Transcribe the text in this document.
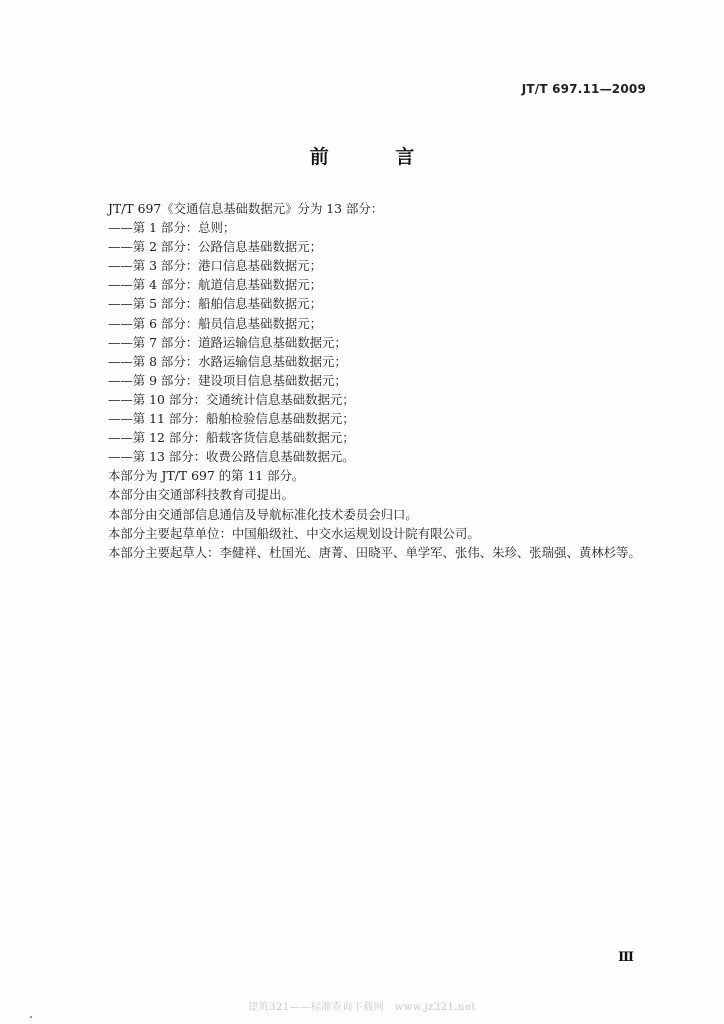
JT/T 697.11—2009
前 言

JT/T 697《交通信息基础数据元》分为 13 部分：

——第 1 部分：总则；

——第 2 部分：公路信息基础数据元；

——第 3 部分：港口信息基础数据元；

——第 4 部分：航道信息基础数据元；

——第 5 部分：船舶信息基础数据元；

——第 6 部分：船员信息基础数据元；

——第 7 部分：道路运输信息基础数据元；

——第 8 部分：水路运输信息基础数据元；

——第 9 部分：建设项目信息基础数据元；

——第 10 部分：交通统计信息基础数据元；

——第 11 部分：船舶检验信息基础数据元；

——第 12 部分：船载客货信息基础数据元；

——第 13 部分：收费公路信息基础数据元。

本部分为 JT/T 697 的第 11 部分。

本部分由交通部科技教育司提出。

本部分由交通部信息通信及导航标准化技术委员会归口。

本部分主要起草单位：中国船级社、中交水运规划设计院有限公司。

本部分主要起草人：李健祥、杜国光、唐菁、田晓平、单学军、张伟、朱珍、张瑞强、黄林杉等。

Ⅲ
建筑321——标准查询下载网　www.jz321.net
